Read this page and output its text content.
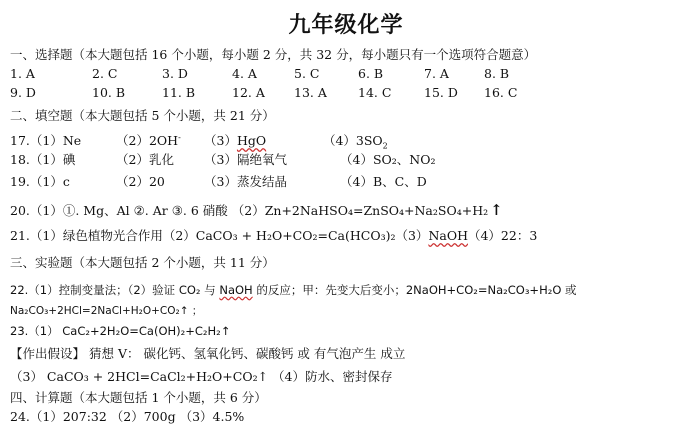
九年级化学
一、选择题（本大题包括 16 个小题，每小题 2 分，共 32 分，每小题只有一个选项符合题意）
1. A	2. C	3. D	4. A	5. C	6. B	7. A	8. B
9. D	10. B	11. B	12. A 13. A 14. C	15. D 16. C
二、填空题（本大题包括 5 个小题，共 21 分）
17.（1）Ne	（2）2OH- （3）HgO	$(4)3SO_2$
18.（1）碘	（2）乳化 （3）隔绝氧气	（4）SO₂、NO₂
19.（1）c	（2）20	（3）蒸发结晶	（4）B、C、D
20.（1）①. Mg、Al ②. Ar ③. 6 硝酸 （2）Zn+2NaHSO₄=ZnSO₄+Na₂SO₄+H₂ ↑
21.（1）绿色植物光合作用（2）CaCO₃ + H₂O+CO₂=Ca(HCO₃)₂（3）NaOH（4）22：3
三、实验题（本大题包括 2 个小题，共 11 分）
22.（1）控制变量法；（2）验证 CO₂ 与 NaOH 的反应；甲：先变大后变小；2NaOH+CO₂=Na₂CO₃+H₂O 或
Na₂CO₃+2HCl=2NaCl+H₂O+CO₂↑ ；
23.（1） CaC₂+2H₂O=Ca(OH)₂+C₂H₂↑
【作出假设】 猜想 V： 碳化钙、氢氧化钙、碳酸钙 或 有气泡产生 成立
（3） CaCO₃ + 2HCl=CaCl₂+H₂O+CO₂↑ （4）防水、密封保存
四、计算题（本大题包括 1 个小题，共 6 分）
24.（1）207:32 （2）700g （3）4.5%
